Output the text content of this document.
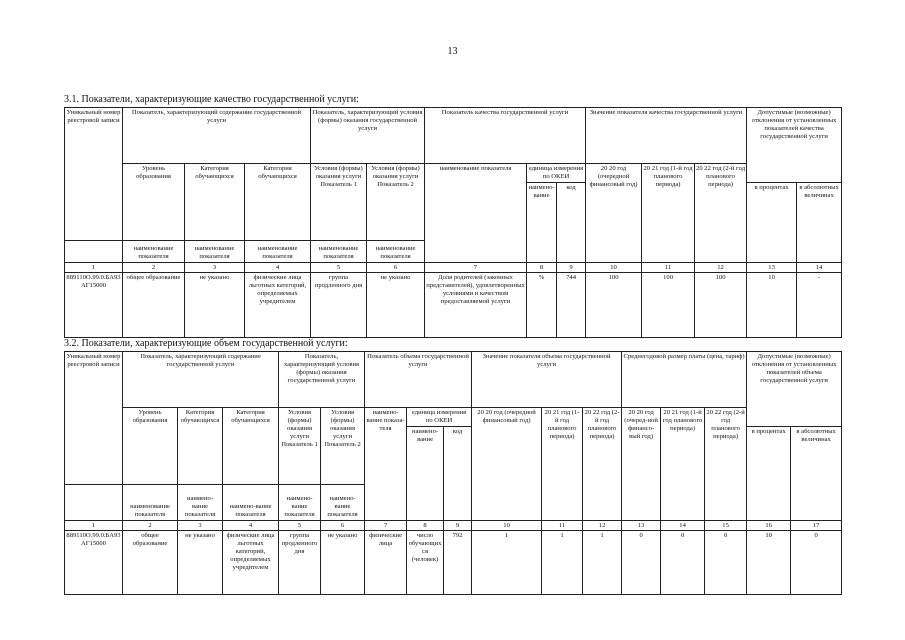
13
3.1. Показатели, характеризующие качество государственной услуги:
Уникальный номер реестровой записи	Показатель, характеризующий содержание государственной услуги			Показатель, характеризующий условия (формы) оказания государственной услуги		Показатель качества государственной услуги			Значение показателя качества государственной услуги			Допустимые (возможные) отклонения от установленных показателей качества государственной услуги	
	Уровень образования	Категория обучающихся	Категория обучающихся	Условия (формы) оказания услуги Показатель 1	Условия (формы) оказания услуги Показатель 2	наименование показателя	единица измерения по ОКЕИ		20 20 год (очередной финансовый год)	20 21 год (1-й год планового периода)	20 22 год (2-й год планового периода)		
							наимено-вание	код				в процентах	в абсолютных величинах
	наименование показателя	наименование показателя	наименование показателя	наименование показателя	наименование показателя								
1	2	3	4	5	6	7	8	9	10	11	12	13	14
889110О.99.0.БА93АГ15000	общее образование	не указано	физические лица льготных категорий, определяемых учредителем	группа продленного дня	не указано	Доля родителей (законных представителей), удовлетворенных условиями и качеством предоставляемой услуги	%	744	100	100	100	10	-
3.2. Показатели, характеризующие объем государственной услуги:
Уникальный номер реестровой записи	Показатель, характеризующий содержание государственной услуги			Показатель, характеризующий условия (формы) оказания государственной услуги		Показатель объема государственной услуги			Значение показателя объема государственной услуги			Среднегодовой размер платы (цена, тариф)			Допустимые (возможные) отклонения от установленных показателей объема государственной услуги	
	Уровень образования	Категория обучающихся	Категория обучающихся	Условия (формы) оказания услуги Показатель 1	Условия (формы) оказания услуги Показатель 2	наимено-вание показа-теля	единица измерения по ОКЕИ		20 20 год (очередной финансовый год)	20 21 год (1-й год планового периода)	20 22 год (2-й год планового периода)	20 20 год (очеред-ной финансо-вый год)	20 21 год (1-й год планового периода)	20 22 год (2-й год планового периода)		
							наимено-вание	код							в процентах	в абсолютных величинах
	наименование показателя	наимено-вание показателя	наимено-вание показателя	наимено-вание показателя	наимено-вание показателя											
1	2	3	4	5	6	7	8	9	10	11	12	13	14	15	16	17
889110О.99.0.БА93АГ15000	общее образование	не указано	физические лица льготных категорий, определяемых учредителем	группа продленного дня	не указано	физические лица	число обучающихся (человек)	792	1	1	1	0	0	0	10	0
